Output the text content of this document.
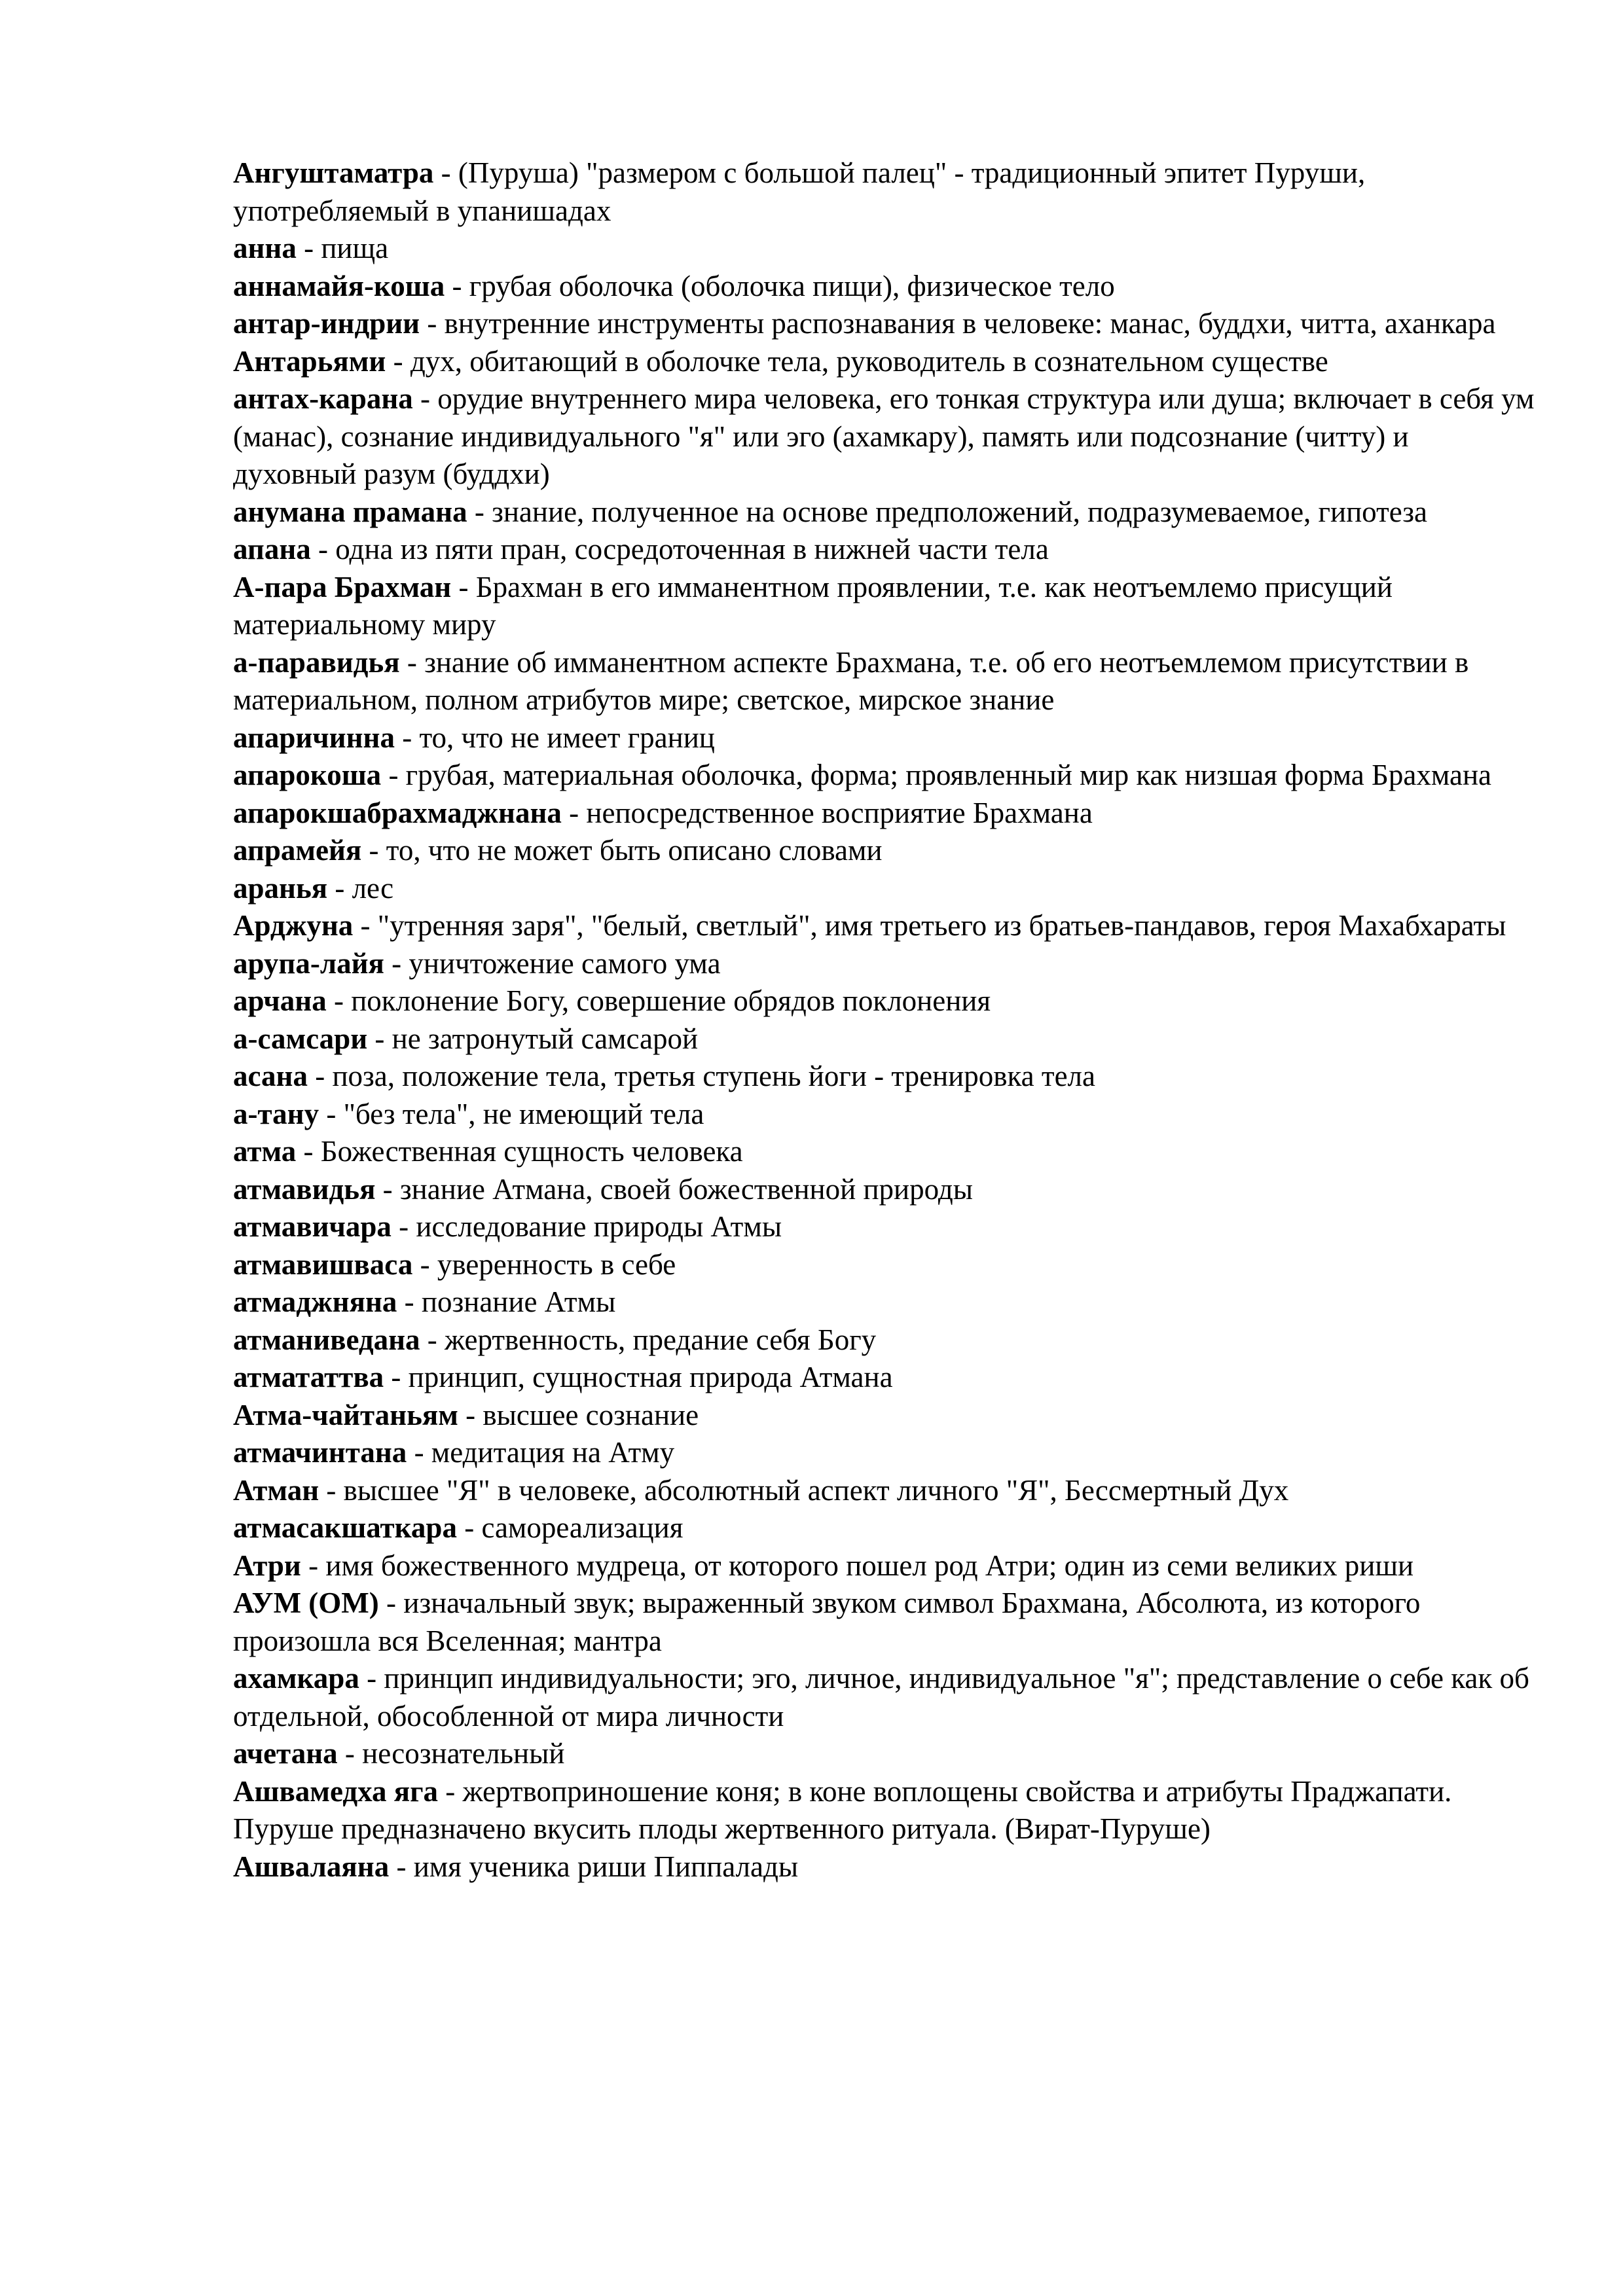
Ангуштаматра - (Пуруша) "размером с большой палец" - традиционный эпитет Пуруши, употребляемый в упанишадах

анна - пища

аннамайя-коша - грубая оболочка (оболочка пищи), физическое тело

антар-индрии - внутренние инструменты распознавания в человеке: манас, буддхи, читта, аханкара

Антарьями - дух, обитающий в оболочке тела, руководитель в сознательном существе

антах-карана - орудие внутреннего мира человека, его тонкая структура или душа; включает в себя ум (манас), сознание индивидуального "я" или эго (ахамкару), память или подсознание (читту) и духовный разум (буддхи)

анумана прамана - знание, полученное на основе предположений, подразумеваемое, гипотеза

апана - одна из пяти пран, сосредоточенная в нижней части тела

А-пара Брахман - Брахман в его имманентном проявлении, т.е. как неотъемлемо присущий материальному миру

а-паравидья - знание об имманентном аспекте Брахмана, т.е. об его неотъемлемом присутствии в материальном, полном атрибутов мире; светское, мирское знание

апаричинна - то, что не имеет границ

апарокоша - грубая, материальная оболочка, форма; проявленный мир как низшая форма Брахмана

апарокшабрахмаджнана - непосредственное восприятие Брахмана

апрамейя - то, что не может быть описано словами

аранья - лес

Арджуна - "утренняя заря", "белый, светлый", имя третьего из братьев-пандавов, героя Махабхараты

арупа-лайя - уничтожение самого ума

арчана - поклонение Богу, совершение обрядов поклонения

а-самсари - не затронутый самсарой

асана - поза, положение тела, третья ступень йоги - тренировка тела

а-тану - "без тела", не имеющий тела

атма - Божественная сущность человека

атмавидья - знание Атмана, своей божественной природы

атмавичара - исследование природы Атмы

атмавишваса - уверенность в себе

атмаджняна - познание Атмы

атманиведана - жертвенность, предание себя Богу

атмататтва - принцип, сущностная природа Атмана

Атма-чайтаньям - высшее сознание

атмачинтана - медитация на Атму

Атман - высшее "Я" в человеке, абсолютный аспект личного "Я", Бессмертный Дух

атмасакшаткара - самореализация

Атри - имя божественного мудреца, от которого пошел род Атри; один из семи великих риши

АУМ (ОМ) - изначальный звук; выраженный звуком символ Брахмана, Абсолюта, из которого произошла вся Вселенная; мантра

ахамкара - принцип индивидуальности; эго, личное, индивидуальное "я"; представление о себе как об отдельной, обособленной от мира личности

ачетана - несознательный

Ашвамедха яга - жертвоприношение коня; в коне воплощены свойства и атрибуты Праджапати. Пуруше предназначено вкусить плоды жертвенного ритуала. (Вират-Пуруше)

Ашвалаяна - имя ученика риши Пиппалады
